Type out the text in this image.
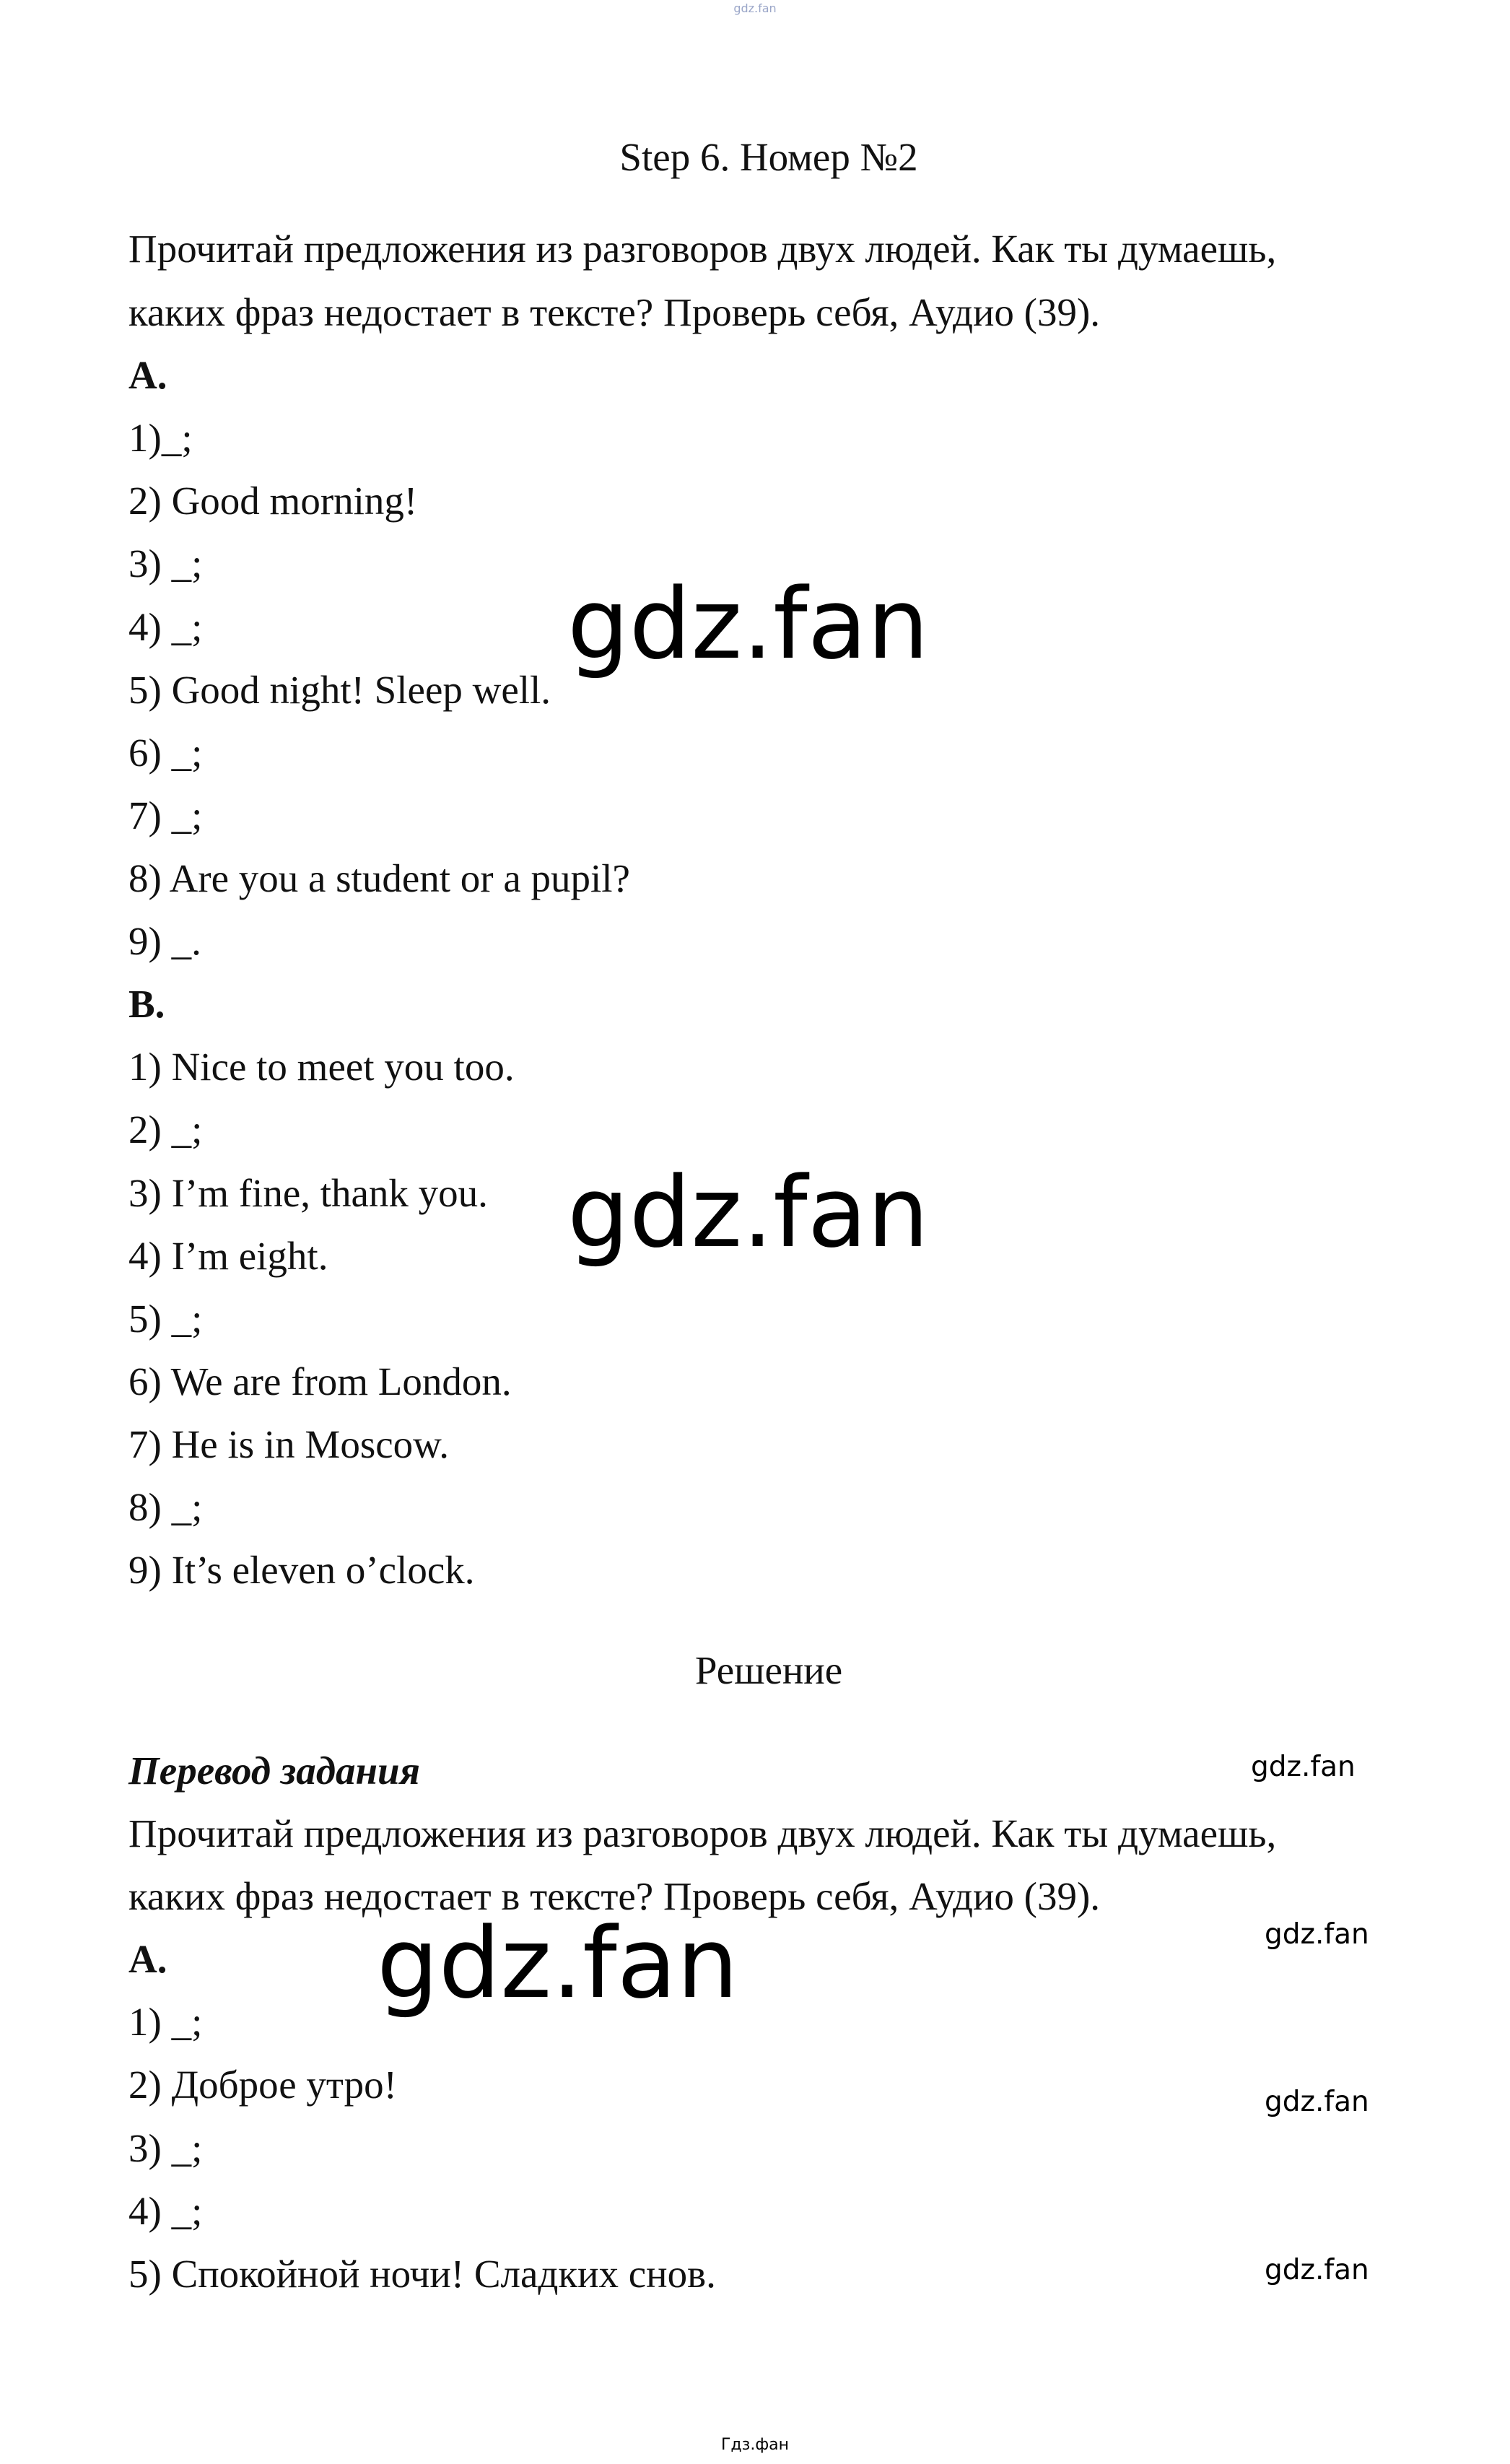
gdz.fan
Step 6. Номер №2
Прочитай предложения из разговоров двух людей. Как ты думаешь,
каких фраз недостает в тексте? Проверь себя, Аудио (39).
A.
1)_;
2) Good morning!
3) _;
4) _;
5) Good night! Sleep well.
6) _;
7) _;
8) Are you a student or a pupil?
9) _.
B.
1) Nice to meet you too.
2) _;
3) I’m fine, thank you.
4) I’m eight.
5) _;
6) We are from London.
7) He is in Moscow.
8) _;
9) It’s eleven o’clock.
Решение
Перевод задания
Прочитай предложения из разговоров двух людей. Как ты думаешь,
каких фраз недостает в тексте? Проверь себя, Аудио (39).
A.
1) _;
2) Доброе утро!
3) _;
4) _;
5) Спокойной ночи! Сладких снов.
gdz.fan
gdz.fan
gdz.fan
gdz.fan
gdz.fan
gdz.fan
gdz.fan
Гдз.фан
